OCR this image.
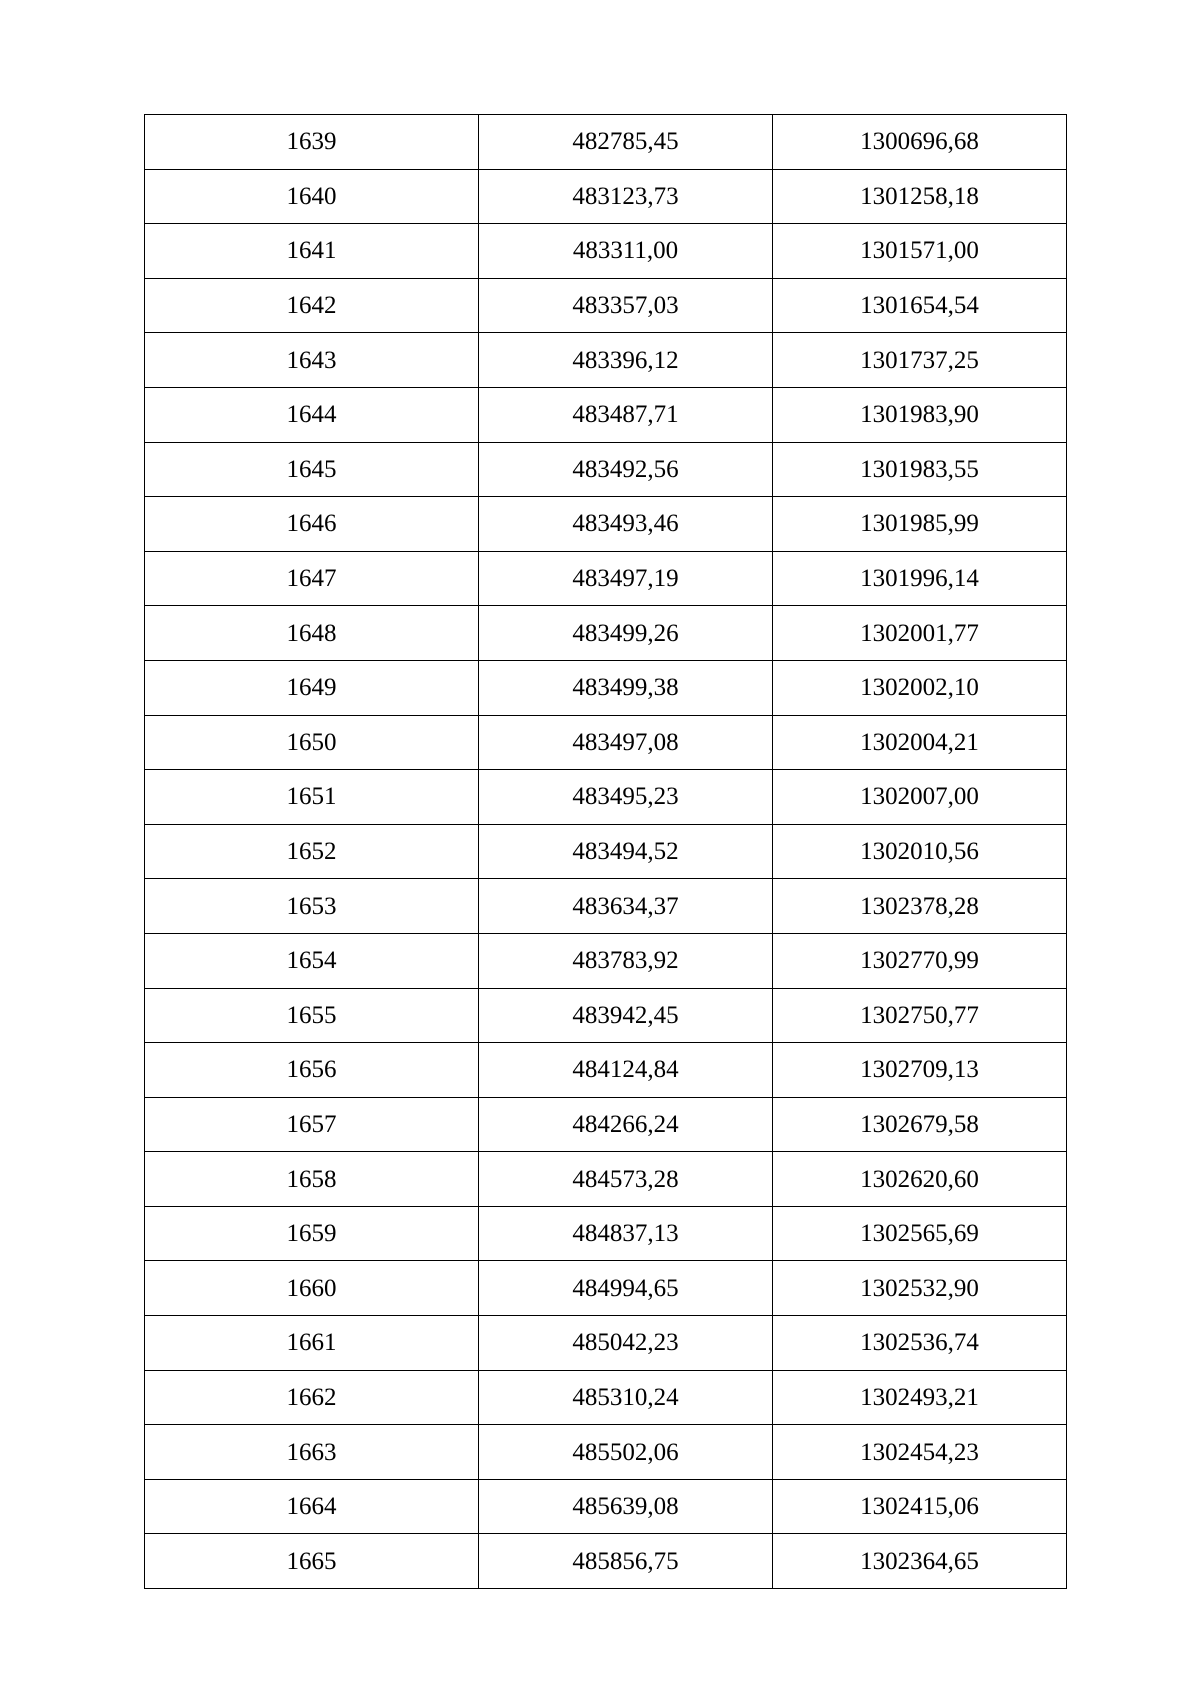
1639	482785,45	1300696,68
1640	483123,73	1301258,18
1641	483311,00	1301571,00
1642	483357,03	1301654,54
1643	483396,12	1301737,25
1644	483487,71	1301983,90
1645	483492,56	1301983,55
1646	483493,46	1301985,99
1647	483497,19	1301996,14
1648	483499,26	1302001,77
1649	483499,38	1302002,10
1650	483497,08	1302004,21
1651	483495,23	1302007,00
1652	483494,52	1302010,56
1653	483634,37	1302378,28
1654	483783,92	1302770,99
1655	483942,45	1302750,77
1656	484124,84	1302709,13
1657	484266,24	1302679,58
1658	484573,28	1302620,60
1659	484837,13	1302565,69
1660	484994,65	1302532,90
1661	485042,23	1302536,74
1662	485310,24	1302493,21
1663	485502,06	1302454,23
1664	485639,08	1302415,06
1665	485856,75	1302364,65
